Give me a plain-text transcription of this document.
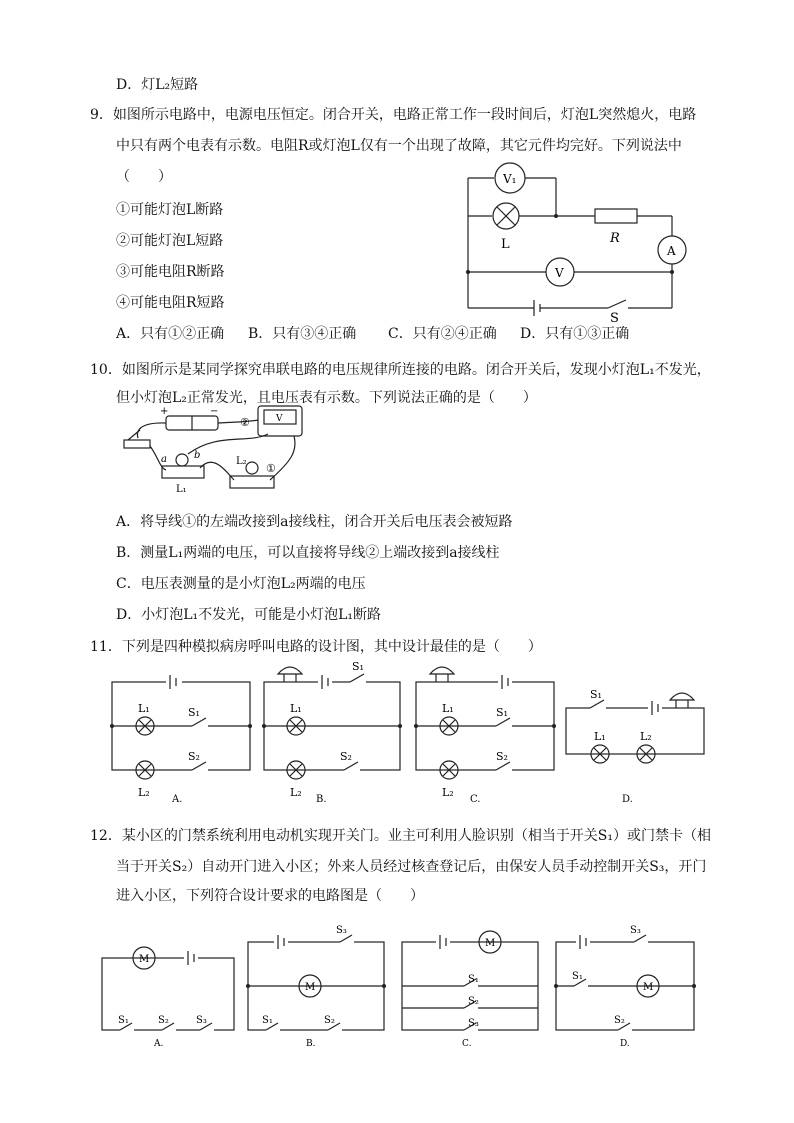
D．灯L₂短路
9．如图所示电路中，电源电压恒定。闭合开关，电路正常工作一段时间后，灯泡L突然熄火，电路
中只有两个电表有示数。电阻R或灯泡L仅有一个出现了故障，其它元件均完好。下列说法中
（　　）
①可能灯泡L断路
②可能灯泡L短路
③可能电阻R断路
④可能电阻R短路
A．只有①②正确 B．只有③④正确 C．只有②④正确 D．只有①③正确
V₁
L	R
A
V
S
10．如图所示是某同学探究串联电路的电压规律所连接的电路。闭合开关后，发现小灯泡L₁不发光，
但小灯泡L₂正常发光，且电压表有示数。下列说法正确的是（　　）
+	−
V
a	b
L₁
L₂
②
①
A．将导线①的左端改接到a接线柱，闭合开关后电压表会被短路
B．测量L₁两端的电压，可以直接将导线②上端改接到a接线柱
C．电压表测量的是小灯泡L₂两端的电压
D．小灯泡L₁不发光，可能是小灯泡L₁断路
11．下列是四种模拟病房呼叫电路的设计图，其中设计最佳的是（　　）
L₁
L₂
S₁
S₂
A.
L₁
L₂
S₁
S₂
B.
L₁
L₂
S₁
S₂
C.
S₁
L₁	L₂
D.
12．某小区的门禁系统利用电动机实现开关门。业主可利用人脸识别（相当于开关S₁）或门禁卡（相
当于开关S₂）自动开门进入小区；外来人员经过核查登记后，由保安人员手动控制开关S₃，开门
进入小区，下列符合设计要求的电路图是（　　）
M
S₁	S₂	S₃
A.
M
S₃
S₁	S₂
B.
M
S₁
S₂
S₃
C.
M
S₃
S₁
S₂
D.
